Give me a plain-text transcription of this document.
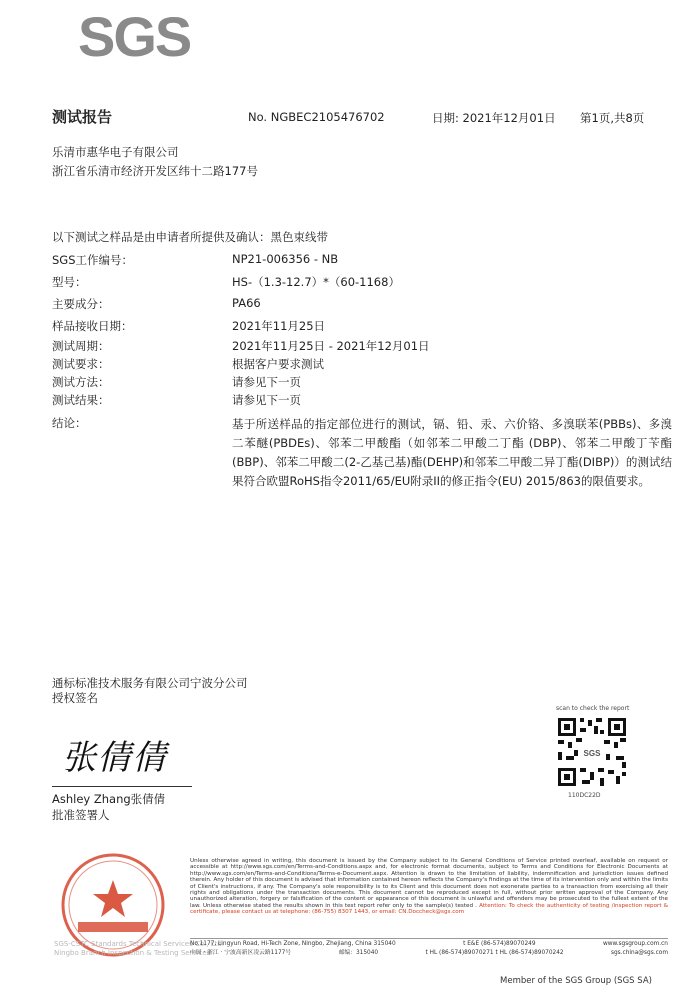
SGS
测试报告	No. NGBEC2105476702	日期: 2021年12月01日 第1页,共8页
乐清市惠华电子有限公司
浙江省乐清市经济开发区纬十二路177号
以下测试之样品是由申请者所提供及确认：黑色束线带
SGS工作编号：	NP21-006356 - NB
型号：	HS-（1.3-12.7）*（60-1168）
主要成分：	PA66
样品接收日期：	2021年11月25日
测试周期：	2021年11月25日 - 2021年12月01日
测试要求：	根据客户要求测试
测试方法：	请参见下一页
测试结果：	请参见下一页
结论：	基于所送样品的指定部位进行的测试，镉、铅、汞、六价铬、多溴联苯(PBBs)、多溴二苯醚(PBDEs)、邻苯二甲酸酯（如邻苯二甲酸二丁酯 (DBP)、邻苯二甲酸丁苄酯(BBP)、邻苯二甲酸二(2-乙基己基)酯(DEHP)和邻苯二甲酸二异丁酯(DIBP)）的测试结果符合欧盟RoHS指令2011/65/EU附录II的修正指令(EU) 2015/863的限值要求。
通标标准技术服务有限公司宁波分公司
授权签名
张倩倩
Ashley Zhang张倩倩
批准签署人
scan to check the report
SGS
110DC22D
SGS-CSTC Standards Technical Services Co., Ltd.
Ningbo Branch Inspection & Testing Services
Unless otherwise agreed in writing, this document is issued by the Company subject to its General Conditions of Service printed overleaf, available on request or accessible at http://www.sgs.com/en/Terms-and-Conditions.aspx and, for electronic format documents, subject to Terms and Conditions for Electronic Documents at http://www.sgs.com/en/Terms-and-Conditions/Terms-e-Document.aspx. Attention is drawn to the limitation of liability, indemnification and jurisdiction issues defined therein. Any holder of this document is advised that information contained hereon reflects the Company's findings at the time of its intervention only and within the limits of Client's instructions, if any. The Company's sole responsibility is to its Client and this document does not exonerate parties to a transaction from exercising all their rights and obligations under the transaction documents. This document cannot be reproduced except in full, without prior written approval of the Company. Any unauthorized alteration, forgery or falsification of the content or appearance of this document is unlawful and offenders may be prosecuted to the fullest extent of the law. Unless otherwise stated the results shown in this test report refer only to the sample(s) tested . Attention: To check the authenticity of testing /inspection report & certificate, please contact us at telephone: (86-755) 8307 1443, or email: CN.Doccheck@sgs.com
No.1177, Lingyun Road, Hi-Tech Zone, Ningbo, Zhejiang, China 315040	t E&E (86-574)89070249	www.sgsgroup.com.cn
中国 · 浙江 · 宁波高新区凌云路1177号	邮编：315040	t HL (86-574)89070271 t HL (86-574)89070242	sgs.china@sgs.com
Member of the SGS Group (SGS SA)
